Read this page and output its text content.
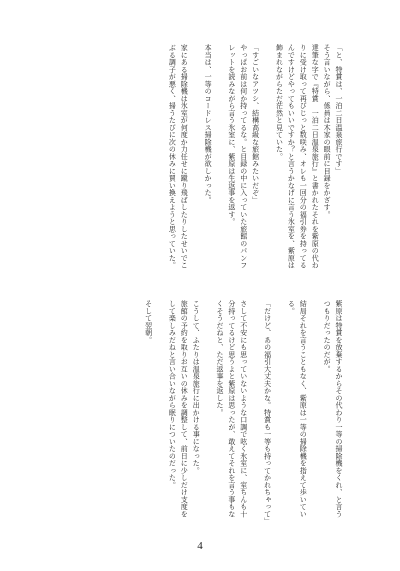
「と、特賞は、一泊二日温泉旅行です」

そう言いながら、係員は木家の眼前に目録をかざす。

達筆な字で『特賞　一泊二日温泉旅行』と書かれたそれを紫原の代わりに受け取って再びじっと数咲み、オレも一回分の福引券を持ってるんですけどやってもいいですか？と言うかなげに言う氷室を、紫原は飾まれながらただ茫然と見ていた。

「すごいなアツシ、結構高級な旅館みたいだぞ」

やっぱお前は何か持ってるな。と目録の中に入っていた旅館のパンフレットを読みながら言う氷室に、紫原は生返事を返す。

本当は、一等のコードレス掃除機が欲しかった。

家にある掃除機は氷室が何度か力任せに蹴り飛ばしたりしたせいでこぶる調子が悪く、掃うたびに次の休みに買い換えようと思っていた。

紫原は特賞を放棄するからその代わり一等の掃除機をくれ、と言うつもりだったのだが。

結局それを言うこともなく、紫原は一等の掃除機を指えて歩いている。

「だけど、あの福引大丈夫かな。特賞も一等も持ってかれちゃって」

さして不安にも思っていないような口調で呟く氷室に、室ちんも十分持ってるけど思うよと紫原は思ったが、敢えてそれを言う事もなくそうだねと、ただ返事を返した。

こうして、ふたりは温泉旅行に出かける事になった。

旅館の予約を取りお互いの休みを調整して、前日に少しだけ支度をして楽しみだねと言い合いながら眠りについたのだった。

そして翌朝。

4
